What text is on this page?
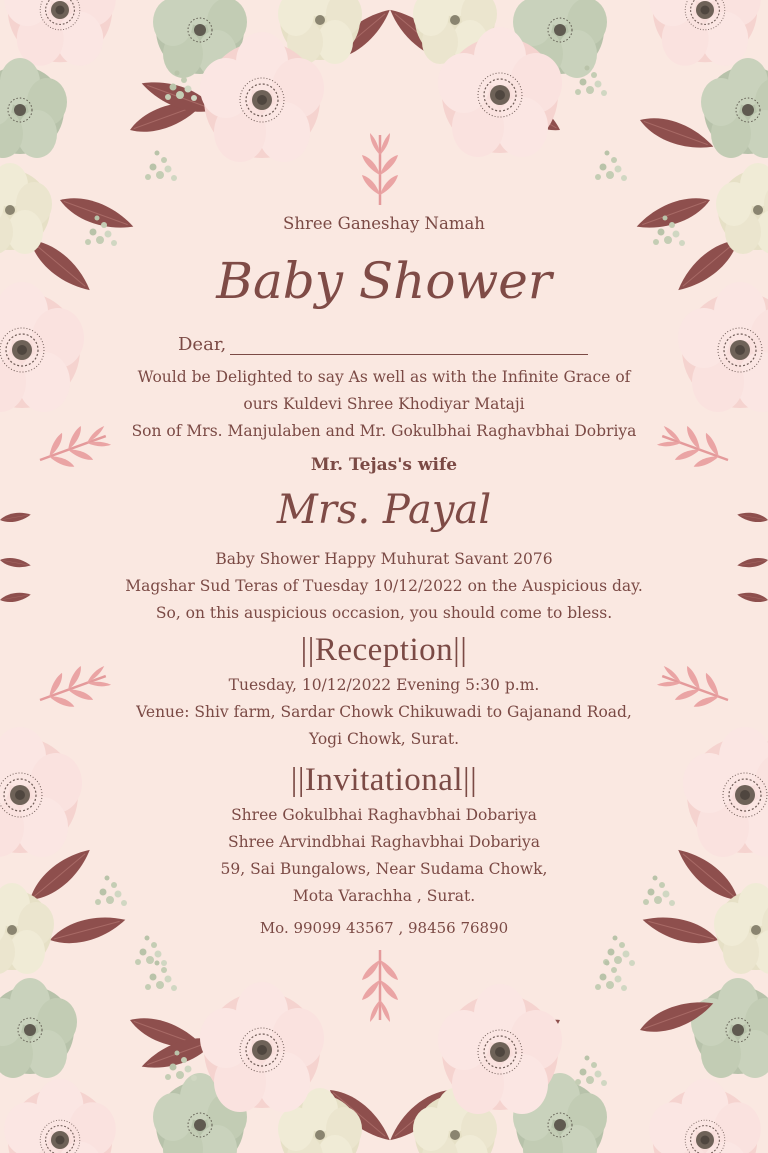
Shree Ganeshay Namah
Baby Shower
Dear,
Would be Delighted to say As well as with the Infinite Grace of
ours Kuldevi Shree Khodiyar Mataji
Son of Mrs. Manjulaben and Mr. Gokulbhai Raghavbhai Dobriya
Mr. Tejas's wife
Mrs. Payal
Baby Shower Happy Muhurat Savant 2076
Magshar Sud Teras of Tuesday 10/12/2022 on the Auspicious day.
So, on this auspicious occasion, you should come to bless.
||Reception||
Tuesday, 10/12/2022 Evening 5:30 p.m.
Venue: Shiv farm, Sardar Chowk Chikuwadi to Gajanand Road,
Yogi Chowk, Surat.
||Invitational||
Shree Gokulbhai Raghavbhai Dobariya
Shree Arvindbhai Raghavbhai Dobariya
59, Sai Bungalows, Near Sudama Chowk,
Mota Varachha , Surat.
Mo. 99099 43567 , 98456 76890
